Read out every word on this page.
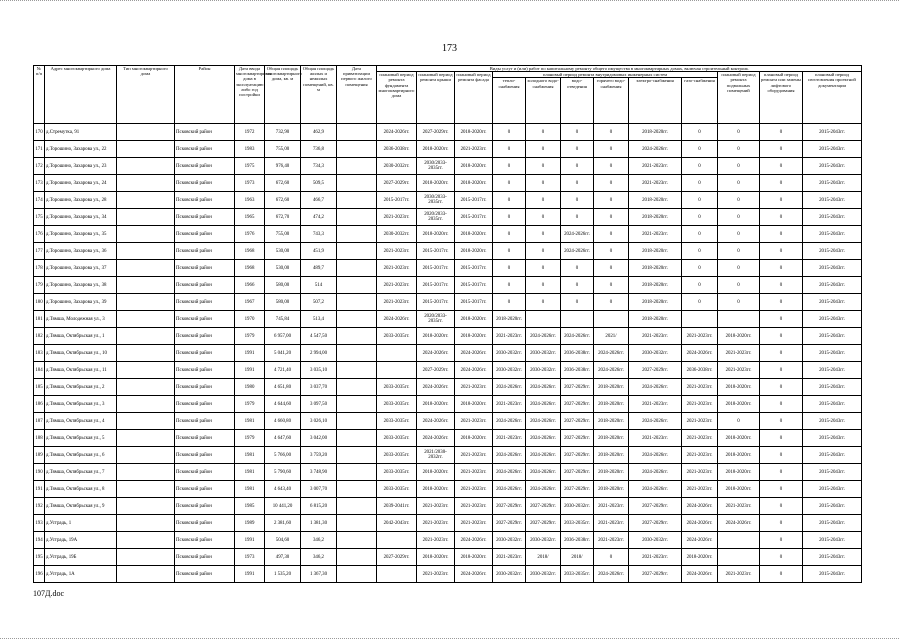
173
№ п/п	Адрес многоквартирного дома	Тип многоквартирного дома	Район	Дата ввода многоквартирного дома в эксплуатацию либо год постройки	Общая площадь многоквартирного дома, кв. м	Общая площадь жилых и нежилых помещений, кв. м	Дата приватизации первого жилого помещения	Виды услуг и (или) работ по капитальному ремонту общего имущества в многоквартирных домах, включая строительный контроль											
								плановый период ремонта фундамента многоквартирного дома	плановый период ремонта крыши	плановый период ремонта фасада	плановый период ремонта внутридомовых инженерных систем						плановый период ремонта подвальных помещений	плановый период ремонта или замены лифтового оборудования	плановый период изготовления проектной документации
											тепло-снабжения	холодного водо-снабжения	водо-отведения	горячего водо-снабжения	электро-снабжения	газо-снабжения			
170	д.Стремутка, 91		Псковский район	1972	732,90	462,9		2024-2026гг.	2027-2029гг.	2018-2020гг.	0	0	0	0	2018-2020гг.	0	0	0	2015-2043гг.
171	д.Торошино, Захарова ул., 22		Псковский район	1983	755,00	736,8		2036-2038гг.	2018-2020гг.	2021-2023гг.	0	0	0	0	2024-2026гг.	0	0	0	2015-2043гг.
172	д.Торошино, Захарова ул., 23		Псковский район	1975	976,40	734,3		2030-2032гг.	2030/2033-2035гг.	2018-2020гг.	0	0	0	0	2021-2023гг.	0	0	0	2015-2043гг.
173	д.Торошино, Захарова ул., 24		Псковский район	1973	672,60	509,5		2027-2029гг.	2018-2020гг.	2018-2020гг.	0	0	0	0	2021-2023гг.	0	0	0	2015-2043гг.
174	д.Торошино, Захарова ул., 28		Псковский район	1963	672,60	466,7		2015-2017гг.	2030/2033-2035гг.	2015-2017гг.	0	0	0	0	2018-2020гг.	0	0	0	2015-2043гг.
175	д.Торошино, Захарова ул., 34		Псковский район	1965	672,70	474,2		2021-2023гг.	2020/2033-2035гг.	2015-2017гг.	0	0	0	0	2018-2020гг.	0	0	0	2015-2043гг.
176	д.Торошино, Захарова ул., 35		Псковский район	1976	755,00	743,3		2030-2032гг.	2018-2020гг.	2018-2020гг.	0	0	2024-2026гг.	0	2021-2023гг.	0	0	0	2015-2043гг.
177	д.Торошино, Захарова ул., 36		Псковский район	1968	530,00	451,9		2021-2023гг.	2015-2017гг.	2018-2020гг.	0	0	2024-2026гг.	0	2018-2020гг.	0	0	0	2015-2043гг.
178	д.Торошино, Захарова ул., 37		Псковский район	1968	530,00	489,7		2021-2023гг.	2015-2017гг.	2015-2017гг.	0	0	0	0	2018-2020гг.	0	0	0	2015-2043гг.
179	д.Торошино, Захарова ул., 38		Псковский район	1966	580,00	514		2021-2023гг.	2015-2017гг.	2015-2017гг.	0	0	0	0	2018-2020гг.	0	0	0	2015-2043гг.
180	д.Торошино, Захарова ул., 39		Псковский район	1967	580,00	507,2		2021-2023гг.	2015-2017гг.	2015-2017гг.	0	0	0	0	2018-2020гг.	0	0	0	2015-2043гг.
181	д.Тямша, Молодежная ул., 3		Псковский район	1970	745,84	513,4		2024-2026гг.	2020/2033-2035гг.	2018-2020гг.	2018-2020гг.				2018-2020гг.			0	2015-2043гг.
182	д.Тямша, Октябрьская ул., 1		Псковский район	1979	6 957,00	4 547,50		2033-2035гг.	2018-2020гг.	2018-2020гг.	2021-2023гг.	2024-2026гг.	2024-2026гг.	2021/	2021-2023гг.	2021-2023гг.	2018-2020гг.	0	2015-2043гг.
183	д.Тямша, Октябрьская ул., 10		Псковский район	1991	5 041,20	2 994,00			2024-2026гг.	2024-2026гг.	2030-2032гг.	2030-2032гг.	2036-2038гг.	2024-2026гг.	2030-2032гг.	2024-2026гг.	2021-2023гг.	0	2015-2043гг.
184	д.Тямша, Октябрьская ул., 11		Псковский район	1991	4 721,40	3 035,10			2027-2029гг.	2024-2026гг.	2030-2032гг.	2030-2032гг.	2036-2038гг.	2024-2026гг.	2027-2029гг.	2036-2038гг.	2021-2023гг.	0	2015-2043гг.
185	д.Тямша, Октябрьская ул., 2		Псковский район	1980	4 651,80	3 037,70		2033-2035гг.	2024-2026гг.	2021-2023гг.	2024-2026гг.	2024-2026гг.	2027-2029гг.	2018-2020гг.	2024-2026гг.	2021-2023гг.	2018-2020гг.	0	2015-2043гг.
186	д.Тямша, Октябрьская ул., 3		Псковский район	1979	4 644,60	3 097,50		2033-2035гг.	2018-2020гг.	2018-2020гг.	2021-2023гг.	2024-2026гг.	2027-2029гг.	2018-2020гг.	2021-2023гг.	2021-2023гг.	2018-2020гг.	0	2015-2043гг.
187	д.Тямша, Октябрьская ул., 4		Псковский район	1981	4 660,80	3 026,10		2033-2035гг.	2024-2026гг.	2021-2023гг.	2024-2026гг.	2024-2026гг.	2027-2029гг.	2018-2020гг.	2024-2026гг.	2021-2023гг.	0	0	2015-2043гг.
188	д.Тямша, Октябрьская ул., 5		Псковский район	1979	4 647,60	3 042,00		2033-2035гг.	2024-2026гг.	2018-2020гг.	2021-2023гг.	2024-2026гг.	2027-2029гг.	2018-2020гг.	2021-2023гг.	2021-2023гг.	2018-2020гг.	0	2015-2043гг.
189	д.Тямша, Октябрьская ул., 6		Псковский район	1981	5 766,00	3 759,20		2033-2035гг.	2021/2030-2032гг.	2021-2023гг.	2024-2026гг.	2024-2026гг.	2027-2029гг.	2018-2020гг.	2024-2026гг.	2021-2023гг.	2018-2020гг.	0	2015-2043гг.
190	д.Тямша, Октябрьская ул., 7		Псковский район	1981	5 790,60	3 748,90		2033-2035гг.	2018-2020гг.	2021-2023гг.	2024-2026гг.	2024-2026гг.	2027-2029гг.	2018-2020гг.	2024-2026гг.	2021-2023гг.	2018-2020гг.	0	2015-2043гг.
191	д.Тямша, Октябрьская ул., 8		Псковский район	1981	4 643,40	3 007,70		2033-2035гг.	2018-2020гг.	2021-2023гг.	2024-2026гг.	2024-2026гг.	2027-2029гг.	2018-2020гг.	2024-2026гг.	2021-2023гг.	2018-2020гг.	0	2015-2043гг.
192	д.Тямша, Октябрьская ул., 9		Псковский район	1985	10 441,20	6 815,20		2039-2041гг.	2021-2023гг.	2021-2023гг.	2027-2029гг.	2027-2029гг.	2030-2032гг.	2021-2023гг.	2027-2029гг.	2024-2026гг.	2021-2023гг.	0	2015-2043гг.
193	д.Устрадь, 1		Псковский район	1989	2 381,60	1 381,30		2042-2043гг.	2021-2023гг.	2021-2023гг.	2027-2029гг.	2027-2029гг.	2033-2035гг.	2021-2023гг.	2027-2029гг.	2024-2026гг.	2024-2026гг.	0	2015-2043гг.
194	д.Устрадь, 19А		Псковский район	1991	504,60	346,2			2021-2023гг.	2024-2026гг.	2030-2032гг.	2030-2032гг.	2036-2038гг.	2021-2023гг.	2030-2032гг.	2024-2026гг.		0	2015-2043гг.
195	д.Устрадь, 19Б		Псковский район	1973	497,30	346,2		2027-2029гг.	2018-2020гг.	2018-2020гг.	2021-2023гг.	2018/	2018/	0	2021-2023гг.	2018-2020гг.		0	2015-2043гг.
196	д.Устрадь, 1А		Псковский район	1991	1 535,20	1 367,30			2021-2023гг.	2024-2026гг.	2030-2032гг.	2030-2032гг.	2033-2035гг.	2024-2026гг.	2027-2029гг.	2024-2026гг.	2021-2023гг.	0	2015-2043гг.
107Д.doc
